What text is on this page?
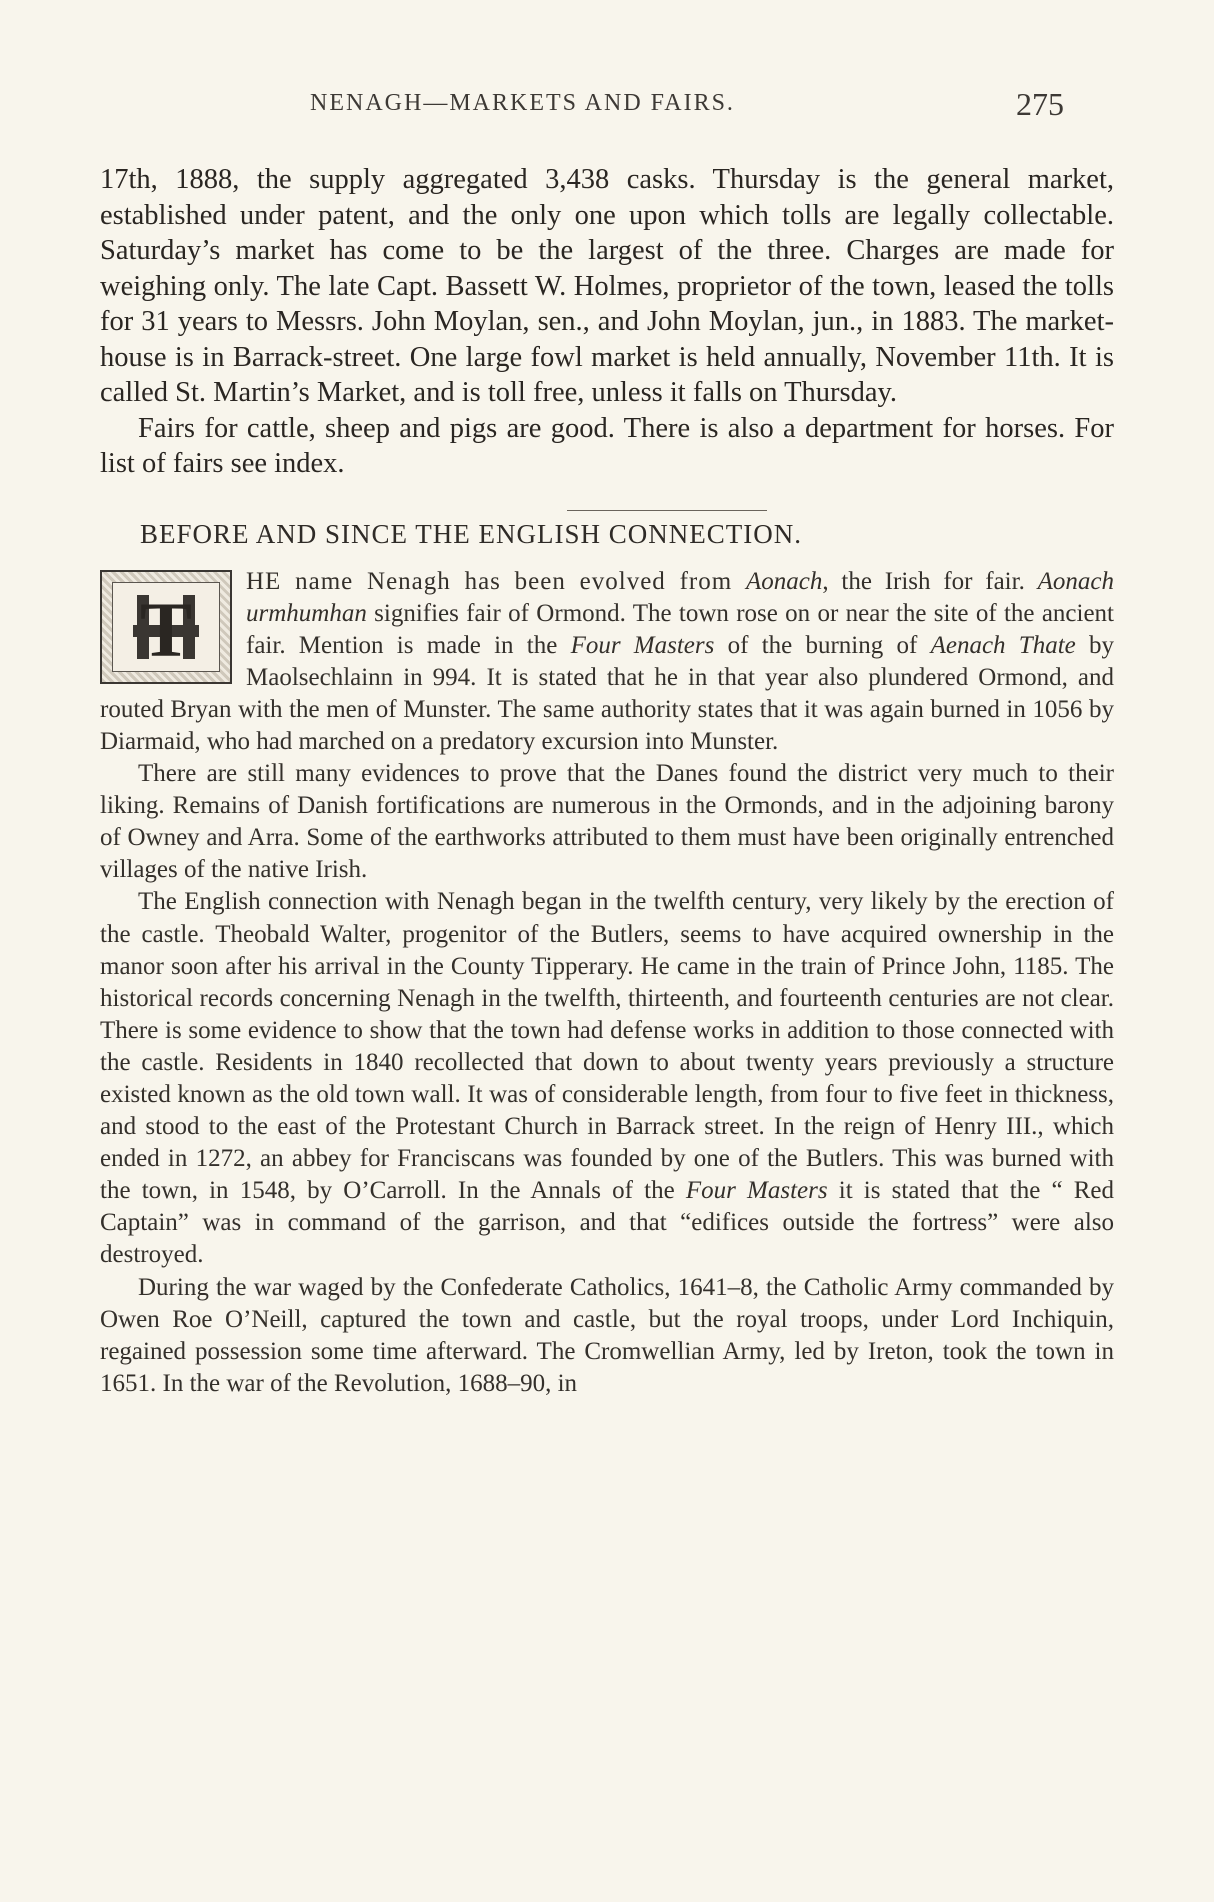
NENAGH—MARKETS AND FAIRS.	275

17th, 1888, the supply aggregated 3,438 casks. Thursday is the general market, established under patent, and the only one upon which tolls are legally collectable. Saturday’s market has come to be the largest of the three. Charges are made for weighing only. The late Capt. Bassett W. Holmes, proprietor of the town, leased the tolls for 31 years to Messrs. John Moylan, sen., and John Moylan, jun., in 1883. The market-house is in Barrack-street. One large fowl market is held annually, November 11th. It is called St. Martin’s Market, and is toll free, unless it falls on Thursday.

Fairs for cattle, sheep and pigs are good. There is also a department for horses. For list of fairs see index.

BEFORE AND SINCE THE ENGLISH CONNECTION.
T

HE name Nenagh has been evolved from Aonach, the Irish for fair. Aonach urmhumhan signifies fair of Ormond. The town rose on or near the site of the ancient fair. Mention is made in the Four Masters of the burning of Aenach Thate by Maolsechlainn in 994. It is stated that he in that year also plundered Ormond, and routed Bryan with the men of Munster. The same authority states that it was again burned in 1056 by Diarmaid, who had marched on a predatory excursion into Munster.

There are still many evidences to prove that the Danes found the district very much to their liking. Remains of Danish fortifications are numerous in the Ormonds, and in the adjoining barony of Owney and Arra. Some of the earthworks attributed to them must have been originally entrenched villages of the native Irish.

The English connection with Nenagh began in the twelfth century, very likely by the erection of the castle. Theobald Walter, progenitor of the Butlers, seems to have acquired ownership in the manor soon after his arrival in the County Tipperary. He came in the train of Prince John, 1185. The historical records concerning Nenagh in the twelfth, thirteenth, and fourteenth centuries are not clear. There is some evidence to show that the town had defense works in addition to those connected with the castle. Residents in 1840 recollected that down to about twenty years previously a structure existed known as the old town wall. It was of considerable length, from four to five feet in thickness, and stood to the east of the Protestant Church in Barrack street. In the reign of Henry III., which ended in 1272, an abbey for Franciscans was founded by one of the Butlers. This was burned with the town, in 1548, by O’Carroll. In the Annals of the Four Masters it is stated that the “ Red Captain” was in command of the garrison, and that “edifices outside the fortress” were also destroyed.

During the war waged by the Confederate Catholics, 1641–8, the Catholic Army commanded by Owen Roe O’Neill, captured the town and castle, but the royal troops, under Lord Inchiquin, regained possession some time afterward. The Cromwellian Army, led by Ireton, took the town in 1651. In the war of the Revolution, 1688–90, in
